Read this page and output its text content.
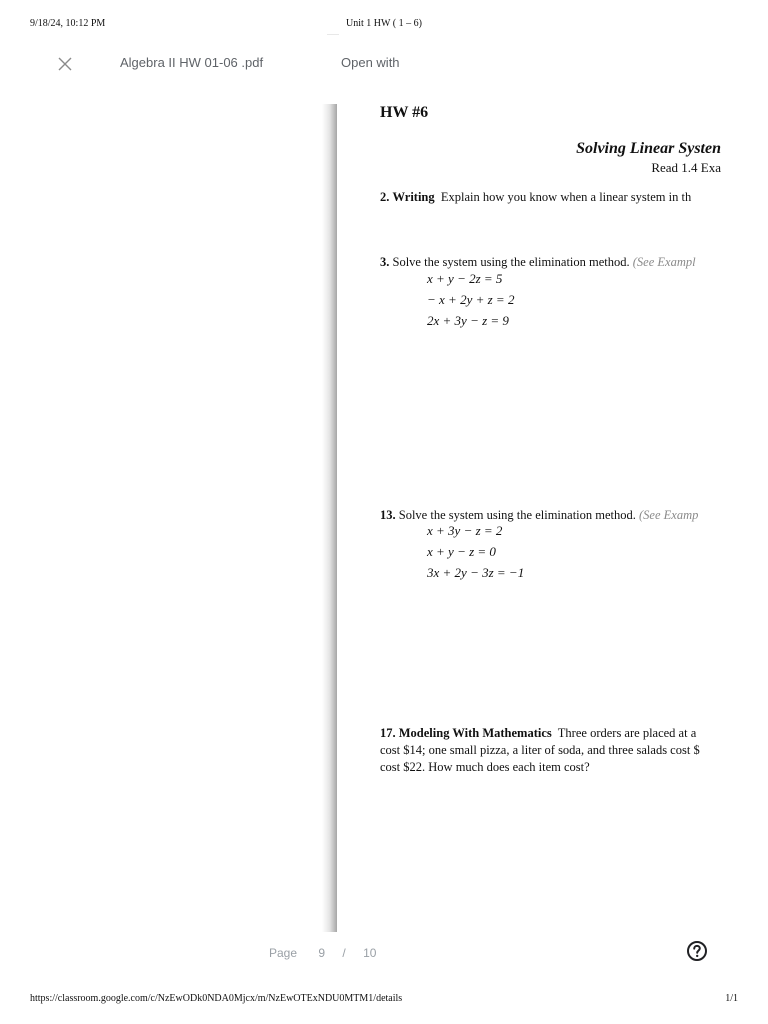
9/18/24, 10:12 PM	Unit 1 HW ( 1 – 6)
Algebra II HW 01-06 .pdf	Open with
HW #6
Solving Linear Systen
Read 1.4 Exa
2. Writing Explain how you know when a linear system in th
3. Solve the system using the elimination method. (See Exampl
x + y − 2z = 5
− x + 2y + z = 2
2x + 3y − z = 9
13. Solve the system using the elimination method. (See Examp
x + 3y − z = 2
x + y − z = 0
3x + 2y − 3z = −1
17. Modeling With Mathematics Three orders are placed at a
cost $14; one small pizza, a liter of soda, and three salads cost $
cost $22. How much does each item cost?
Page 9 / 10
https://classroom.google.com/c/NzEwODk0NDA0Mjcx/m/NzEwOTExNDU0MTM1/details	1/1
